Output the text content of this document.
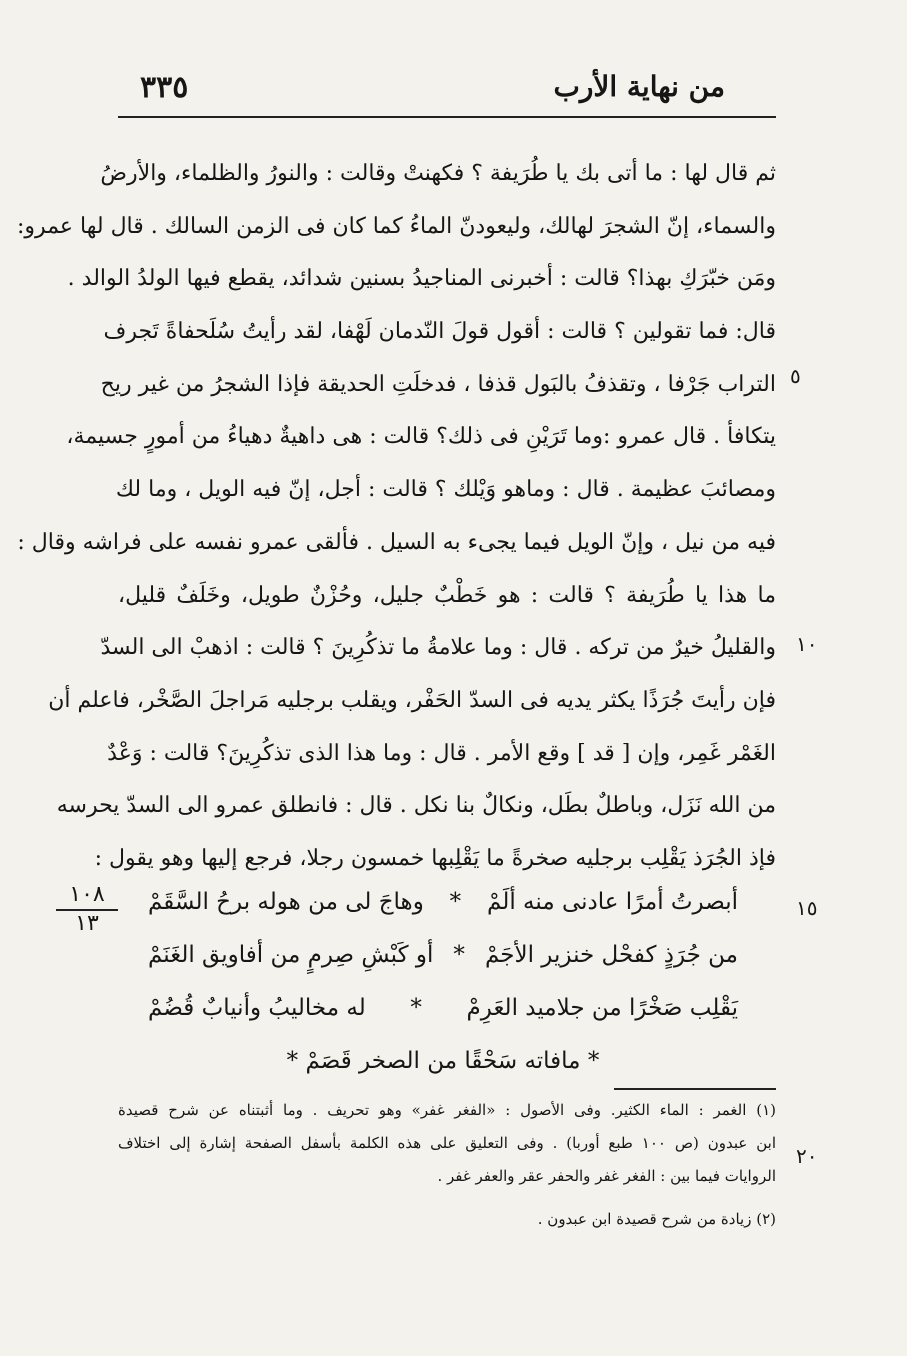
٣٣٥	من نهاية الأرب
ثم قال لها : ما أتى بك يا طُرَيفة ؟ فكهنتْ وقالت : والنورُ والظلماء، والأرضُ
والسماء، إنّ الشجرَ لهالك، وليعودنّ الماءُ كما كان فى الزمن السالك . قال لها عمرو:
ومَن خبّرَكِ بهذا؟ قالت : أخبرنى المناجيدُ بسنين شدائد، يقطع فيها الولدُ الوالد .
قال: فما تقولين ؟ قالت : أقول قولَ النّدمان لَهْفا، لقد رأيتُ سُلَحفاةً تَجرف
التراب جَرْفا ، وتقذفُ بالبَول قذفا ، فدخلَتِ الحديقة فإذا الشجرُ من غير ريح
يتكافأ . قال عمرو :وما تَرَيْنِ فى ذلك؟ قالت : هى داهيةٌ دهياءُ من أمورٍ جسيمة،
ومصائبَ عظيمة . قال : وماهو وَيْلك ؟ قالت : أجل، إنّ فيه الويل ، وما لك
فيه من نيل ، وإنّ الويل فيما يجىء به السيل . فألقى عمرو نفسه على فراشه وقال :
ما هذا يا طُرَيفة ؟ قالت : هو خَطْبٌ جليل، وحُزْنٌ طويل، وخَلَفٌ قليل،
والقليلُ خيرٌ من تركه . قال : وما علامةُ ما تذكُرِينَ ؟ قالت : اذهبْ الى السدّ
فإن رأيتَ جُرَذًا يكثر يديه فى السدّ الحَفْر، ويقلب برجليه مَراجلَ الصَّخْر، فاعلم أن
الغَمْر غَمِر، وإن [ قد ] وقع الأمر . قال : وما هذا الذى تذكُرِينَ؟ قالت : وَعْدٌ
من الله نَزَل، وباطلٌ بطَل، ونكالٌ بنا نكل . قال : فانطلق عمرو الى السدّ يحرسه
فإذ الجُرَذ يَقْلِب برجليه صخرةً ما يَقْلِبها خمسون رجلا، فرجع إليها وهو يقول :
أبصرتُ أمرًا عادنى منه ألَمْ
*
وهاجَ لى من هوله برحُ السَّقَمْ
من جُرَذٍ كفحْل خنزير الأجَمْ
*
أو كَبْشِ صِرمٍ من أفاويق الغَنَمْ
يَقْلِب صَخْرًا من جلاميد العَرِمْ
*
له مخاليبُ وأنيابٌ قُضُمْ
* مافاته سَحْقًا من الصخر قَصَمْ *
٥
١٠
١٥
٢٠
١٠٨
١٣
(١) الغمر : الماء الكثير. وفى الأصول : «الفغر غفر» وهو تحريف . وما أثبتناه عن شرح قصيدة
ابن عبدون (ص ١٠٠ طبع أوربا) . وفى التعليق على هذه الكلمة بأسفل الصفحة إشارة إلى اختلاف
الروايات فيما بين : الفغر غفر والحفر عقر والعفر غفر .
(٢) زيادة من شرح قصيدة ابن عبدون .
